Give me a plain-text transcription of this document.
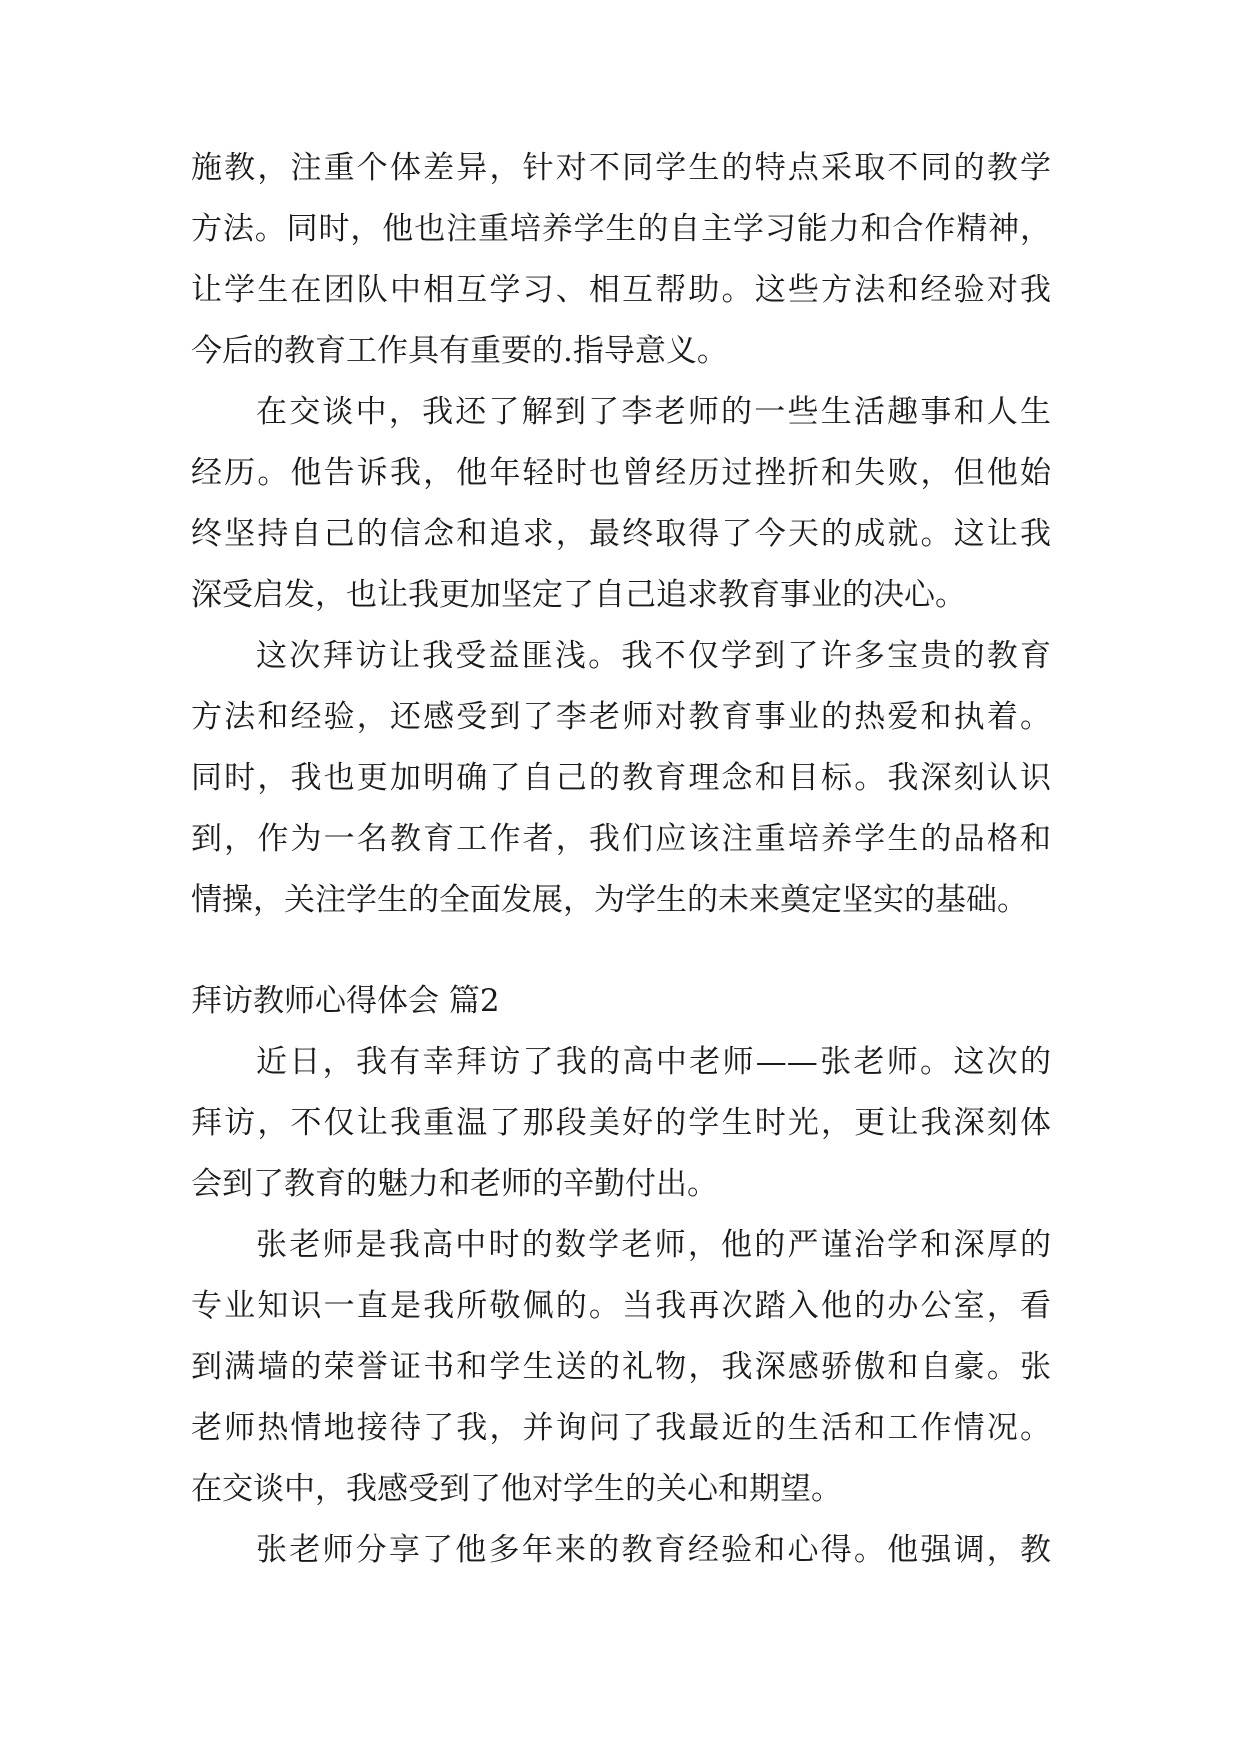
施教，注重个体差异，针对不同学生的特点采取不同的教学
方法。同时，他也注重培养学生的自主学习能力和合作精神，
让学生在团队中相互学习、相互帮助。这些方法和经验对我
今后的教育工作具有重要的.指导意义。
在交谈中，我还了解到了李老师的一些生活趣事和人生
经历。他告诉我，他年轻时也曾经历过挫折和失败，但他始
终坚持自己的信念和追求，最终取得了今天的成就。这让我
深受启发，也让我更加坚定了自己追求教育事业的决心。
这次拜访让我受益匪浅。我不仅学到了许多宝贵的教育
方法和经验，还感受到了李老师对教育事业的热爱和执着。
同时，我也更加明确了自己的教育理念和目标。我深刻认识
到，作为一名教育工作者，我们应该注重培养学生的品格和
情操，关注学生的全面发展，为学生的未来奠定坚实的基础。
拜访教师心得体会 篇2
近日，我有幸拜访了我的高中老师——张老师。这次的
拜访，不仅让我重温了那段美好的学生时光，更让我深刻体
会到了教育的魅力和老师的辛勤付出。
张老师是我高中时的数学老师，他的严谨治学和深厚的
专业知识一直是我所敬佩的。当我再次踏入他的办公室，看
到满墙的荣誉证书和学生送的礼物，我深感骄傲和自豪。张
老师热情地接待了我，并询问了我最近的生活和工作情况。
在交谈中，我感受到了他对学生的关心和期望。
张老师分享了他多年来的教育经验和心得。他强调，教
